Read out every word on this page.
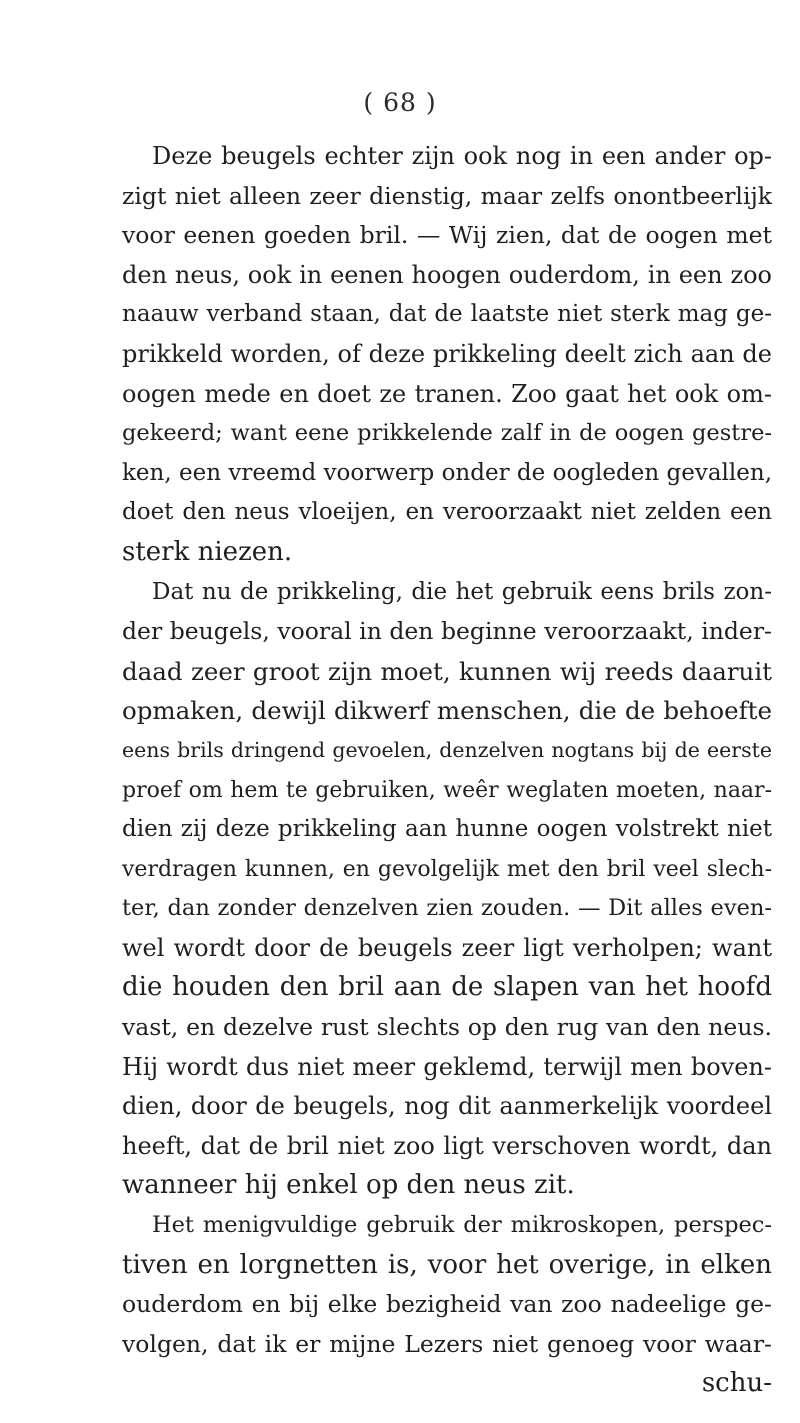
( 68 )
Deze beugels echter zijn ook nog in een ander op-
zigt niet alleen zeer dienstig, maar zelfs onontbeerlijk
voor eenen goeden bril. — Wij zien, dat de oogen met
den neus, ook in eenen hoogen ouderdom, in een zoo
naauw verband staan, dat de laatste niet sterk mag ge-
prikkeld worden, of deze prikkeling deelt zich aan de
oogen mede en doet ze tranen. Zoo gaat het ook om-
gekeerd; want eene prikkelende zalf in de oogen gestre-
ken, een vreemd voorwerp onder de oogleden gevallen,
doet den neus vloeijen, en veroorzaakt niet zelden een
sterk niezen.
Dat nu de prikkeling, die het gebruik eens brils zon-
der beugels, vooral in den beginne veroorzaakt, inder-
daad zeer groot zijn moet, kunnen wij reeds daaruit
opmaken, dewijl dikwerf menschen, die de behoefte
eens brils dringend gevoelen, denzelven nogtans bij de eerste
proef om hem te gebruiken, weêr weglaten moeten, naar-
dien zij deze prikkeling aan hunne oogen volstrekt niet
verdragen kunnen, en gevolgelijk met den bril veel slech-
ter, dan zonder denzelven zien zouden. — Dit alles even-
wel wordt door de beugels zeer ligt verholpen; want
die houden den bril aan de slapen van het hoofd
vast, en dezelve rust slechts op den rug van den neus.
Hij wordt dus niet meer geklemd, terwijl men boven-
dien, door de beugels, nog dit aanmerkelijk voordeel
heeft, dat de bril niet zoo ligt verschoven wordt, dan
wanneer hij enkel op den neus zit.
Het menigvuldige gebruik der mikroskopen, perspec-
tiven en lorgnetten is, voor het overige, in elken
ouderdom en bij elke bezigheid van zoo nadeelige ge-
volgen, dat ik er mijne Lezers niet genoeg voor waar-
schu-
